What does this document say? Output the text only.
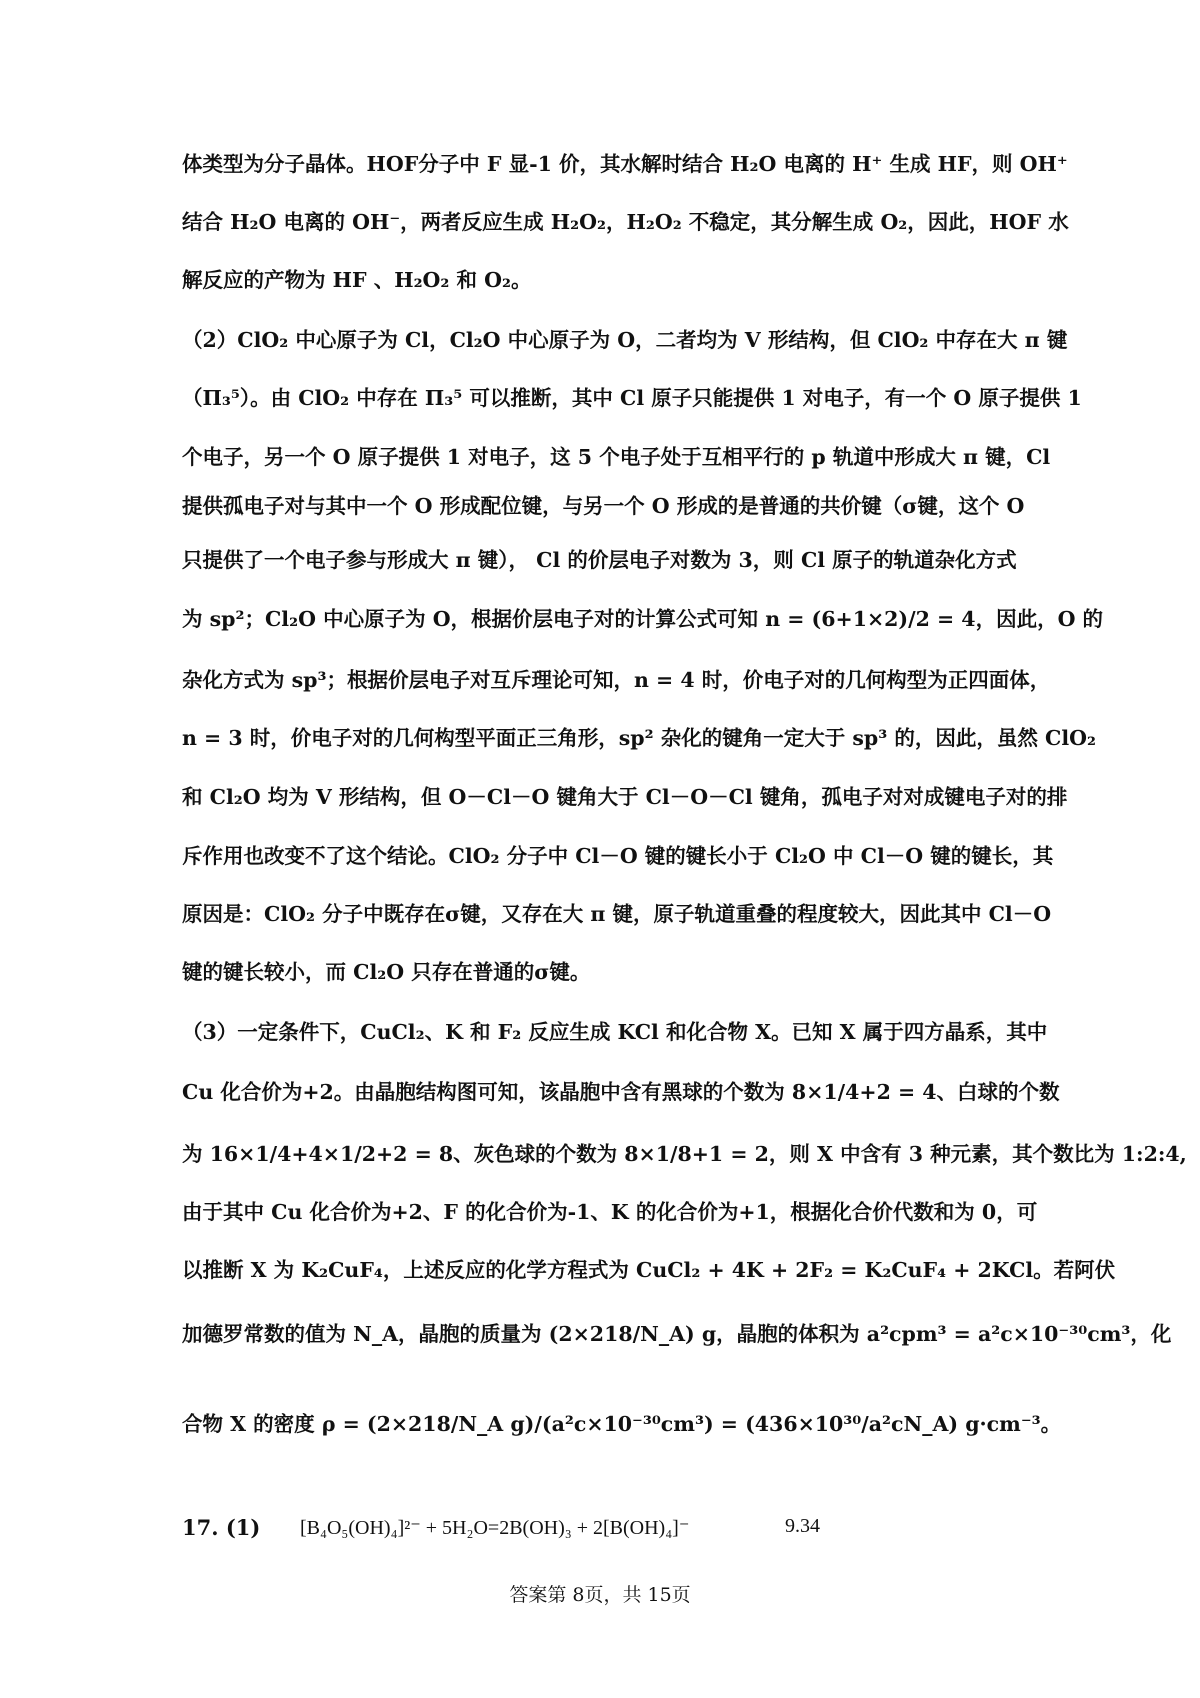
体类型为分子晶体。HOF分子中 F 显-1 价，其水解时结合 H₂O 电离的 H⁺ 生成 HF，则 OH⁺
结合 H₂O 电离的 OH⁻，两者反应生成 H₂O₂，H₂O₂ 不稳定，其分解生成 O₂，因此，HOF 水
解反应的产物为 HF 、H₂O₂ 和 O₂。
（2）ClO₂ 中心原子为 Cl，Cl₂O 中心原子为 O，二者均为 V 形结构，但 ClO₂ 中存在大 π 键
（Π₃⁵）。由 ClO₂ 中存在 Π₃⁵ 可以推断，其中 Cl 原子只能提供 1 对电子，有一个 O 原子提供 1
个电子，另一个 O 原子提供 1 对电子，这 5 个电子处于互相平行的 p 轨道中形成大 π 键，Cl
提供孤电子对与其中一个 O 形成配位键，与另一个 O 形成的是普通的共价键（σ键，这个 O
只提供了一个电子参与形成大 π 键）， Cl 的价层电子对数为 3，则 Cl 原子的轨道杂化方式
为 sp²；Cl₂O 中心原子为 O，根据价层电子对的计算公式可知 n = (6+1×2)/2 = 4，因此，O 的
杂化方式为 sp³；根据价层电子对互斥理论可知，n = 4 时，价电子对的几何构型为正四面体，
n = 3 时，价电子对的几何构型平面正三角形，sp² 杂化的键角一定大于 sp³ 的，因此，虽然 ClO₂
和 Cl₂O 均为 V 形结构，但 O－Cl－O 键角大于 Cl－O－Cl 键角，孤电子对对成键电子对的排
斥作用也改变不了这个结论。ClO₂ 分子中 Cl－O 键的键长小于 Cl₂O 中 Cl－O 键的键长，其
原因是：ClO₂ 分子中既存在σ键，又存在大 π 键，原子轨道重叠的程度较大，因此其中 Cl－O
键的键长较小，而 Cl₂O 只存在普通的σ键。
（3）一定条件下，CuCl₂、K 和 F₂ 反应生成 KCl 和化合物 X。已知 X 属于四方晶系，其中
Cu 化合价为+2。由晶胞结构图可知，该晶胞中含有黑球的个数为 8×1/4+2 = 4、白球的个数
为 16×1/4+4×1/2+2 = 8、灰色球的个数为 8×1/8+1 = 2，则 X 中含有 3 种元素，其个数比为 1:2:4,
由于其中 Cu 化合价为+2、F 的化合价为-1、K 的化合价为+1，根据化合价代数和为 0，可
以推断 X 为 K₂CuF₄，上述反应的化学方程式为 CuCl₂ + 4K + 2F₂ = K₂CuF₄ + 2KCl。若阿伏
加德罗常数的值为 N_A，晶胞的质量为 (2×218/N_A) g，晶胞的体积为 a²cpm³ = a²c×10⁻³⁰cm³，化
合物 X 的密度 ρ = (2×218/N_A g)/(a²c×10⁻³⁰cm³) = (436×10³⁰/a²cN_A) g·cm⁻³。
17. (1) [B₄O₅(OH)₄]²⁻ + 5H₂O=2B(OH)₃ + 2[B(OH)₄]⁻	9.34
答案第 8页，共 15页
